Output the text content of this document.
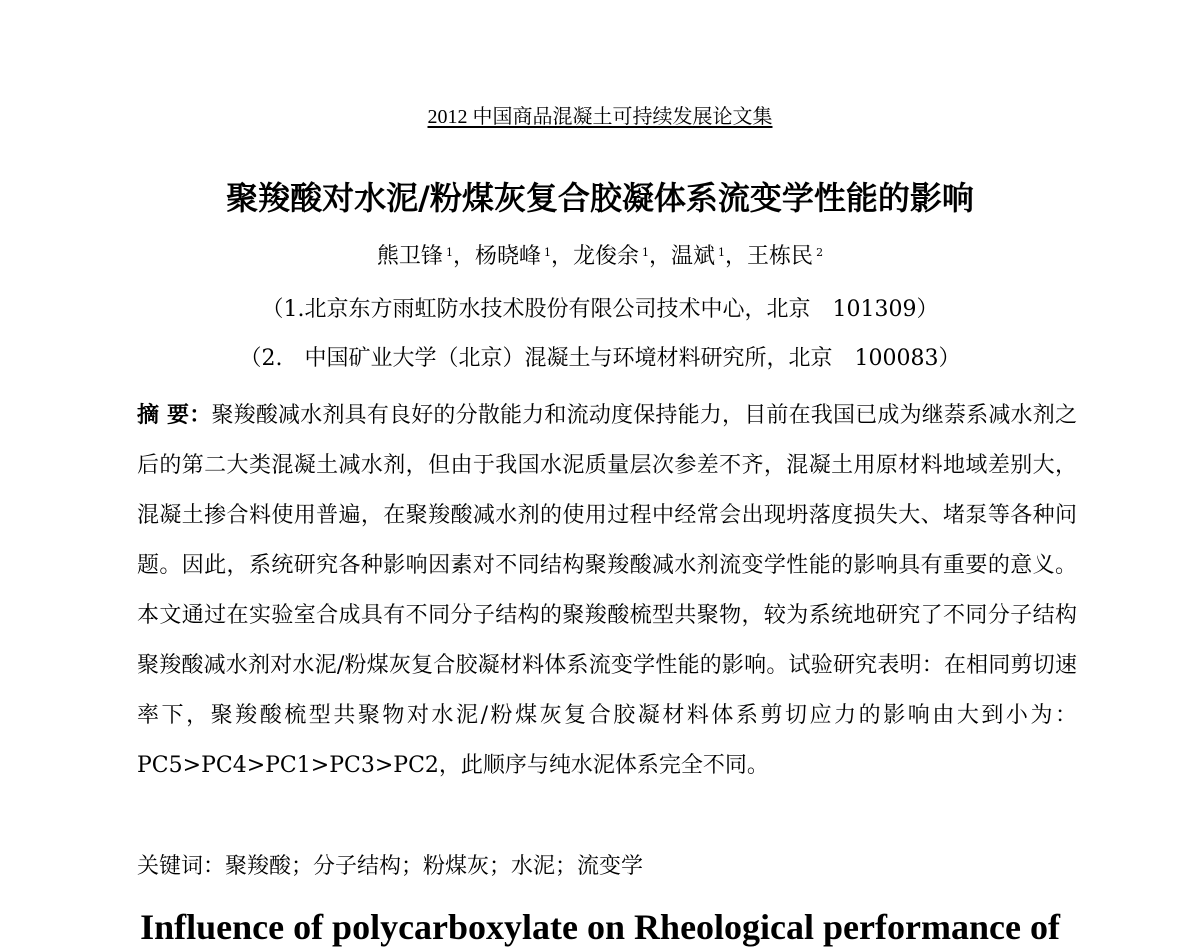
2012 中国商品混凝土可持续发展论文集
聚羧酸对水泥/粉煤灰复合胶凝体系流变学性能的影响
熊卫锋 $^1$，杨晓峰 $^1$，龙俊余 $^1$，温斌 $^1$，王栋民 $^2$
（1.北京东方雨虹防水技术股份有限公司技术中心，北京　101309）
（2.　中国矿业大学（北京）混凝土与环境材料研究所，北京　100083）
摘 要：聚羧酸减水剂具有良好的分散能力和流动度保持能力，目前在我国已成为继萘系减水剂之后的第二大类混凝土减水剂，但由于我国水泥质量层次参差不齐，混凝土用原材料地域差别大，混凝土掺合料使用普遍，在聚羧酸减水剂的使用过程中经常会出现坍落度损失大、堵泵等各种问题。因此，系统研究各种影响因素对不同结构聚羧酸减水剂流变学性能的影响具有重要的意义。本文通过在实验室合成具有不同分子结构的聚羧酸梳型共聚物，较为系统地研究了不同分子结构聚羧酸减水剂对水泥/粉煤灰复合胶凝材料体系流变学性能的影响。试验研究表明：在相同剪切速率下，聚羧酸梳型共聚物对水泥/粉煤灰复合胶凝材料体系剪切应力的影响由大到小为：PC5>PC4>PC1>PC3>PC2，此顺序与纯水泥体系完全不同。
关键词：聚羧酸；分子结构；粉煤灰；水泥；流变学
Influence of polycarboxylate on Rheological performance of
